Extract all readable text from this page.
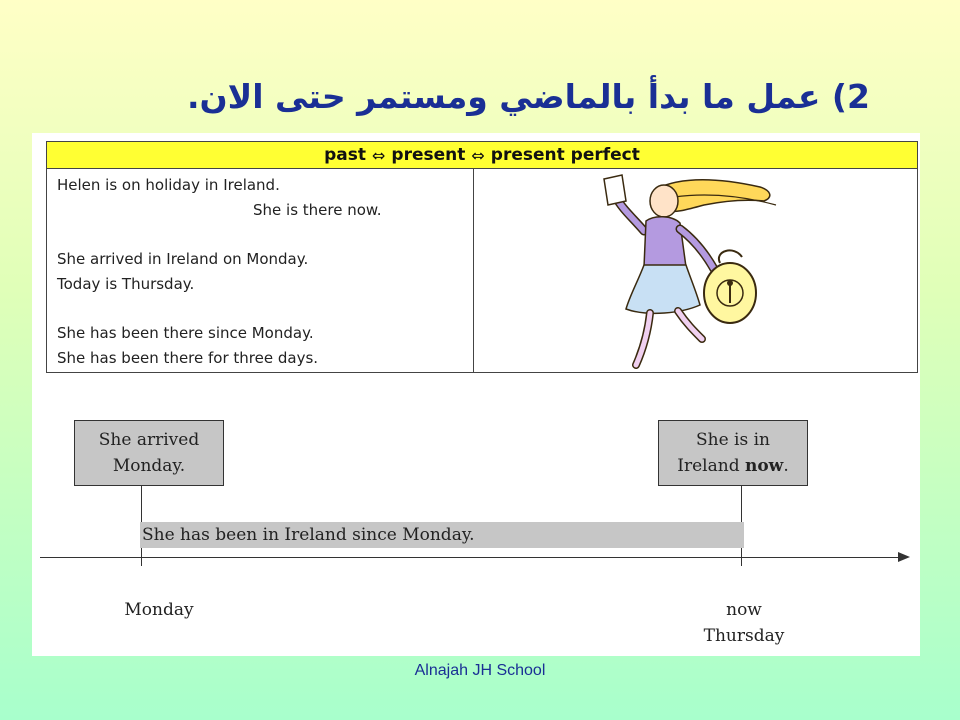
2) عمل ما بدأ بالماضي ومستمر حتى الان.
past ⇔ present ⇔ present perfect
Helen is on holiday in Ireland.
She is there now.
She arrived in Ireland on Monday.
Today is Thursday.
She has been there since Monday.
She has been there for three days.
She arrived
Monday.
She is in
Ireland now.
She has been in Ireland since Monday.
Monday	now
Thursday
Alnajah JH School
